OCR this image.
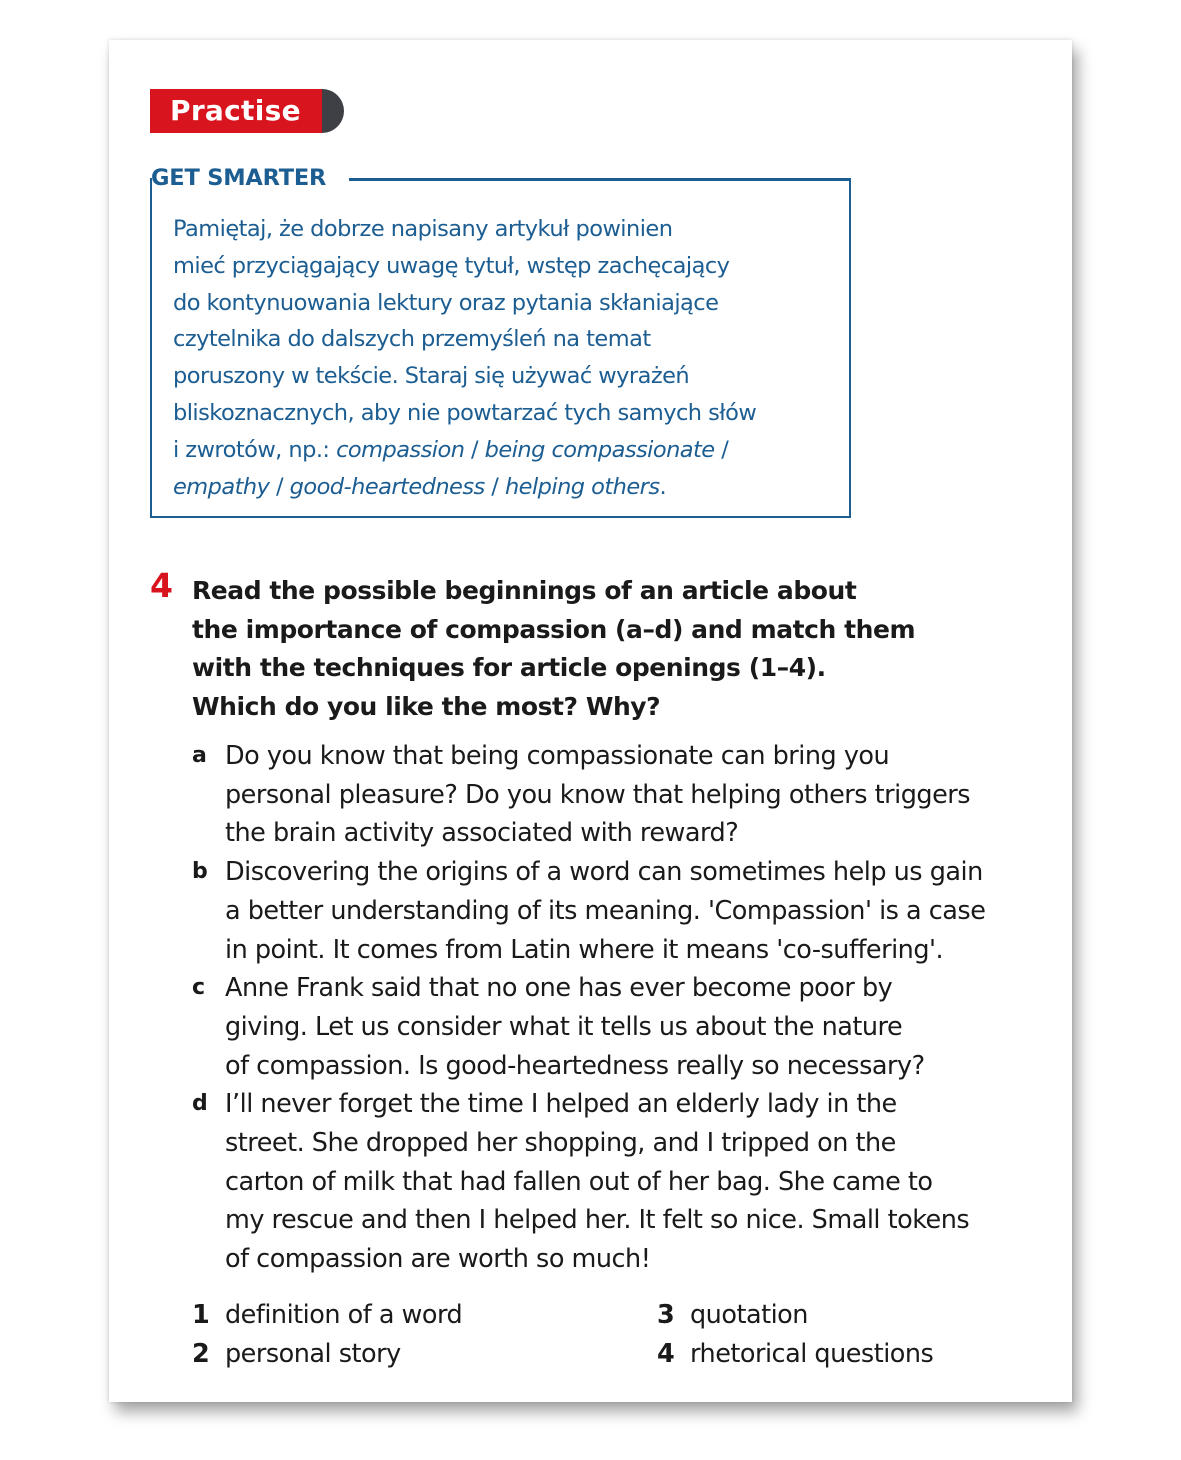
Practise
GET SMARTER
Pamiętaj, że dobrze napisany artykuł powinien
mieć przyciągający uwagę tytuł, wstęp zachęcający
do kontynuowania lektury oraz pytania skłaniające
czytelnika do dalszych przemyśleń na temat
poruszony w tekście. Staraj się używać wyrażeń
bliskoznacznych, aby nie powtarzać tych samych słów
i zwrotów, np.: compassion / being compassionate /
empathy / good-heartedness / helping others.
4 Read the possible beginnings of an article about
the importance of compassion (a–d) and match them
with the techniques for article openings (1–4).
Which do you like the most? Why?
a Do you know that being compassionate can bring you
personal pleasure? Do you know that helping others triggers
the brain activity associated with reward?
b Discovering the origins of a word can sometimes help us gain
a better understanding of its meaning. 'Compassion' is a case
in point. It comes from Latin where it means 'co-suffering'.
c Anne Frank said that no one has ever become poor by
giving. Let us consider what it tells us about the nature
of compassion. Is good-heartedness really so necessary?
d I’ll never forget the time I helped an elderly lady in the
street. She dropped her shopping, and I tripped on the
carton of milk that had fallen out of her bag. She came to
my rescue and then I helped her. It felt so nice. Small tokens
of compassion are worth so much!
1 definition of a word
2 personal story
3 quotation
4 rhetorical questions
